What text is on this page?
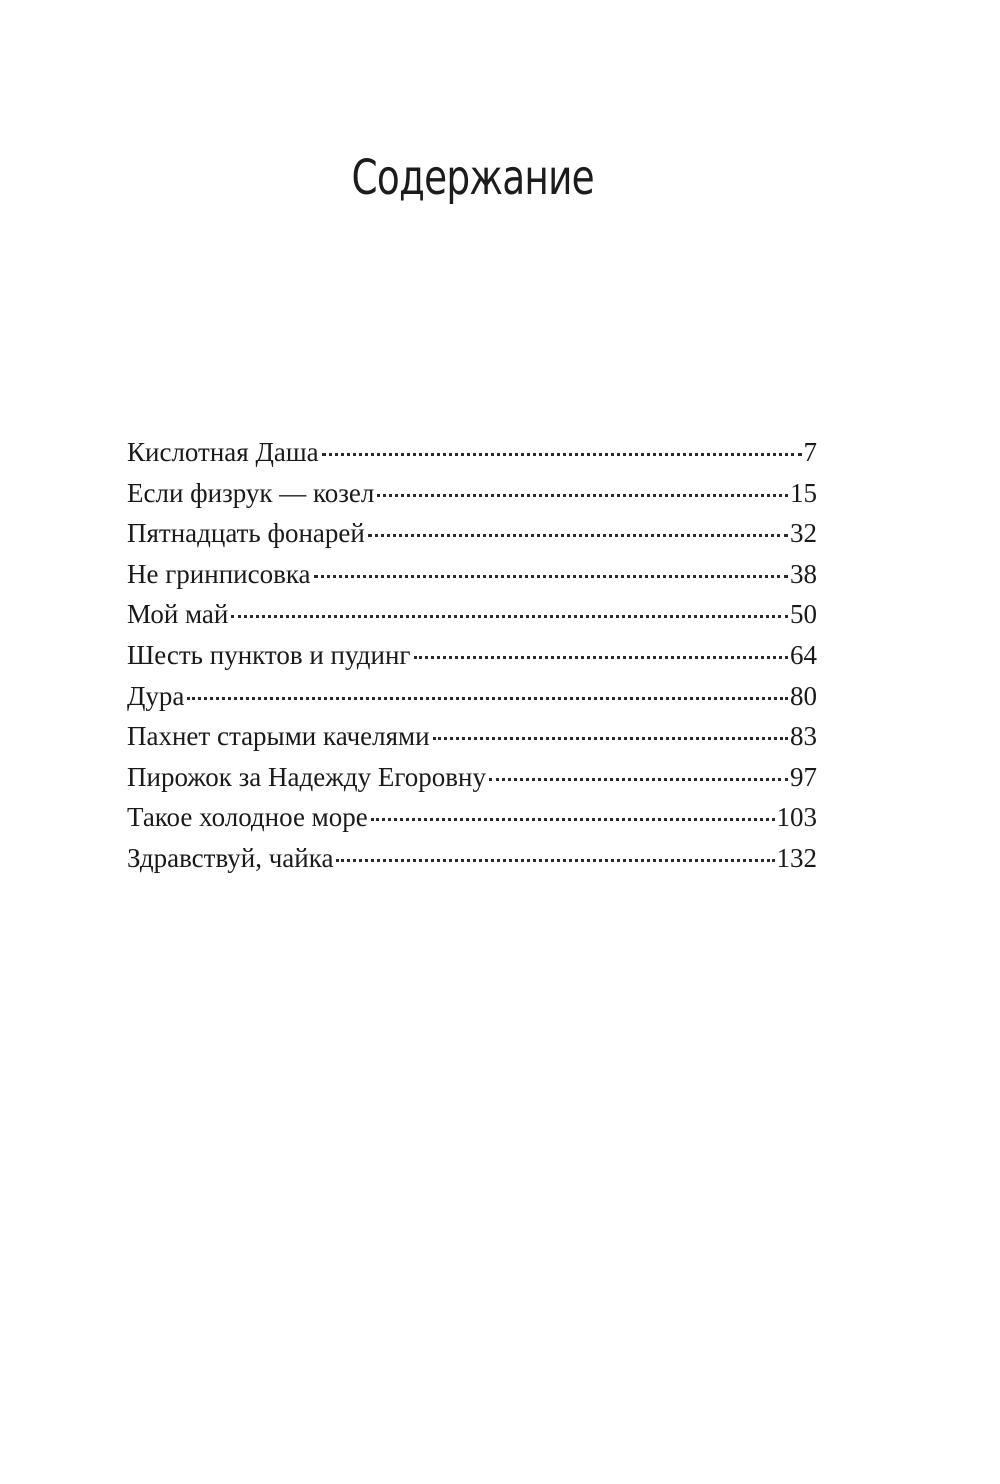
Содержание
Кислотная Даша	7
Если физрук — козел	15
Пятнадцать фонарей	32
Не гринписовка	38
Мой май	50
Шесть пунктов и пудинг	64
Дура	80
Пахнет старыми качелями	83
Пирожок за Надежду Егоровну	97
Такое холодное море	103
Здравствуй, чайка	132
